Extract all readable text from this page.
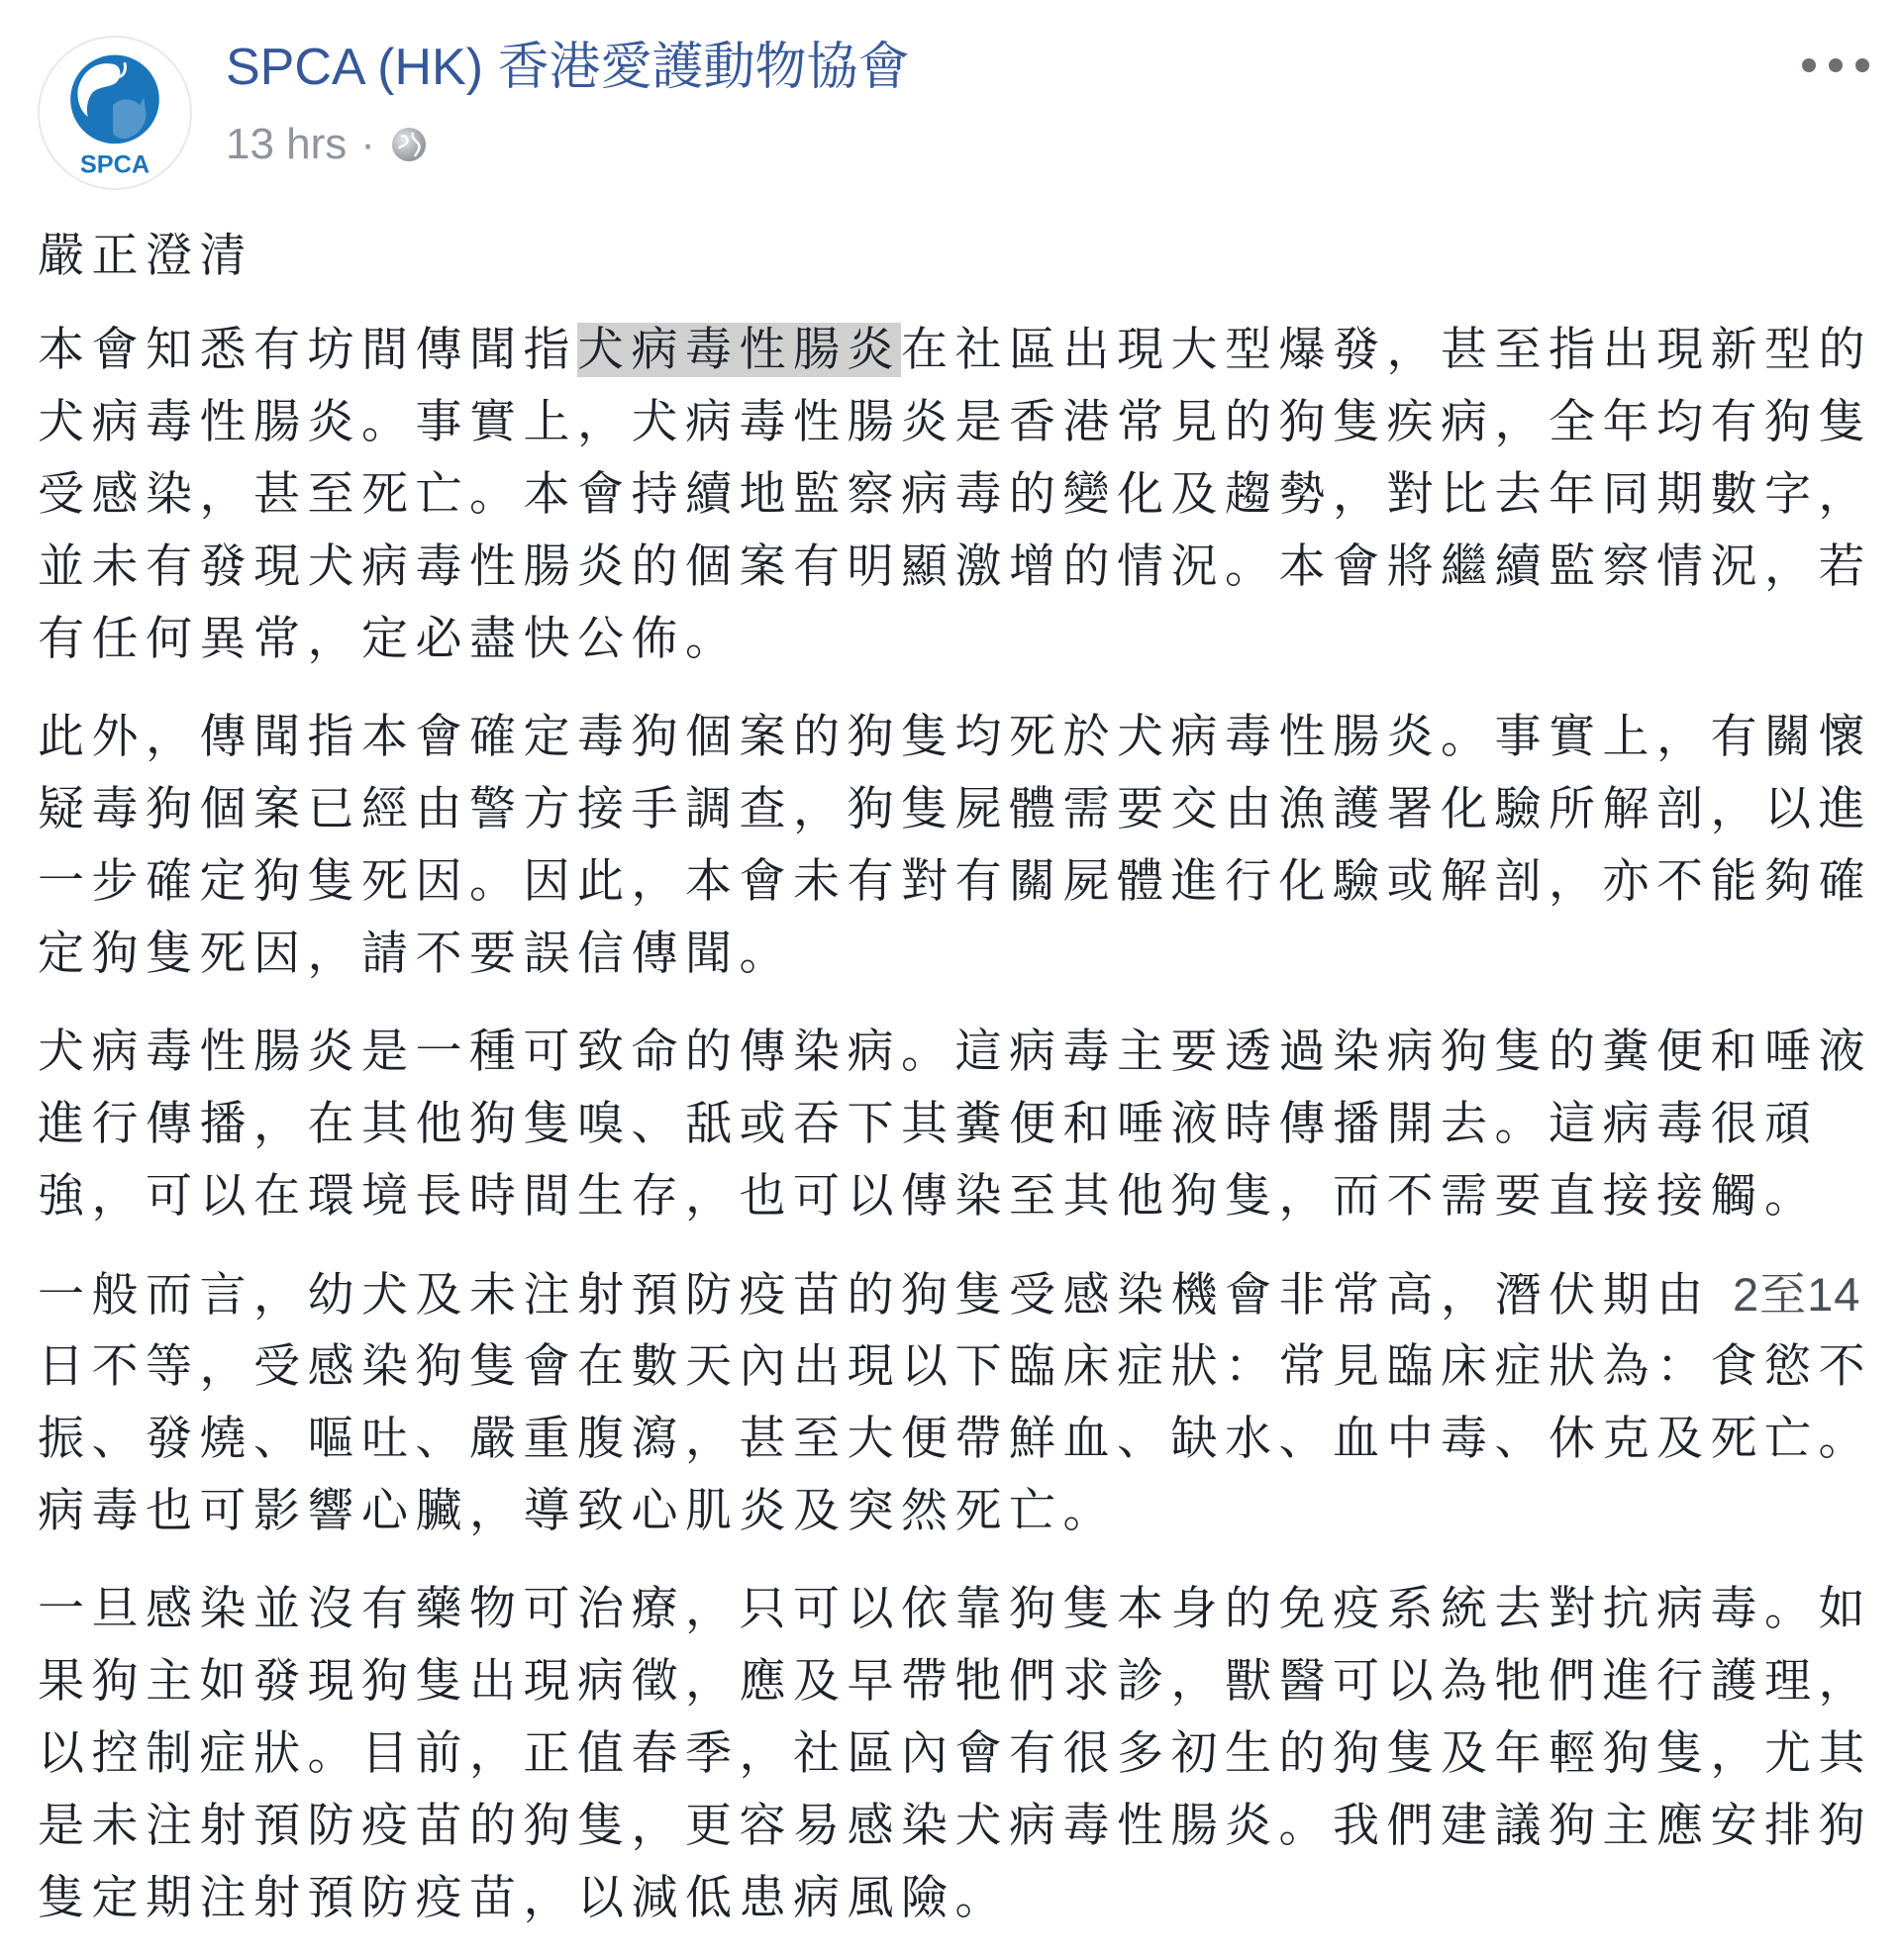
SPCA
SPCA (HK) 香港愛護動物協會
13 hrs ·
嚴正澄清
本會知悉有坊間傳聞指犬病毒性腸炎在社區出現大型爆發，甚至指出現新型的
犬病毒性腸炎。事實上，犬病毒性腸炎是香港常見的狗隻疾病，全年均有狗隻
受感染，甚至死亡。本會持續地監察病毒的變化及趨勢，對比去年同期數字，
並未有發現犬病毒性腸炎的個案有明顯激增的情況。本會將繼續監察情況，若
有任何異常，定必盡快公佈。
此外，傳聞指本會確定毒狗個案的狗隻均死於犬病毒性腸炎。事實上，有關懷
疑毒狗個案已經由警方接手調查，狗隻屍體需要交由漁護署化驗所解剖，以進
一步確定狗隻死因。因此，本會未有對有關屍體進行化驗或解剖，亦不能夠確
定狗隻死因，請不要誤信傳聞。
犬病毒性腸炎是一種可致命的傳染病。這病毒主要透過染病狗隻的糞便和唾液
進行傳播，在其他狗隻嗅、舐或吞下其糞便和唾液時傳播開去。這病毒很頑
強，可以在環境長時間生存，也可以傳染至其他狗隻，而不需要直接接觸。
一般而言，幼犬及未注射預防疫苗的狗隻受感染機會非常高，潛伏期由 2至14
日不等，受感染狗隻會在數天內出現以下臨床症狀：常見臨床症狀為：食慾不
振、發燒、嘔吐、嚴重腹瀉，甚至大便帶鮮血、缺水、血中毒、休克及死亡。
病毒也可影響心臟，導致心肌炎及突然死亡。
一旦感染並沒有藥物可治療，只可以依靠狗隻本身的免疫系統去對抗病毒。如
果狗主如發現狗隻出現病徵，應及早帶牠們求診，獸醫可以為牠們進行護理，
以控制症狀。目前，正值春季，社區內會有很多初生的狗隻及年輕狗隻，尤其
是未注射預防疫苗的狗隻，更容易感染犬病毒性腸炎。我們建議狗主應安排狗
隻定期注射預防疫苗，以減低患病風險。
